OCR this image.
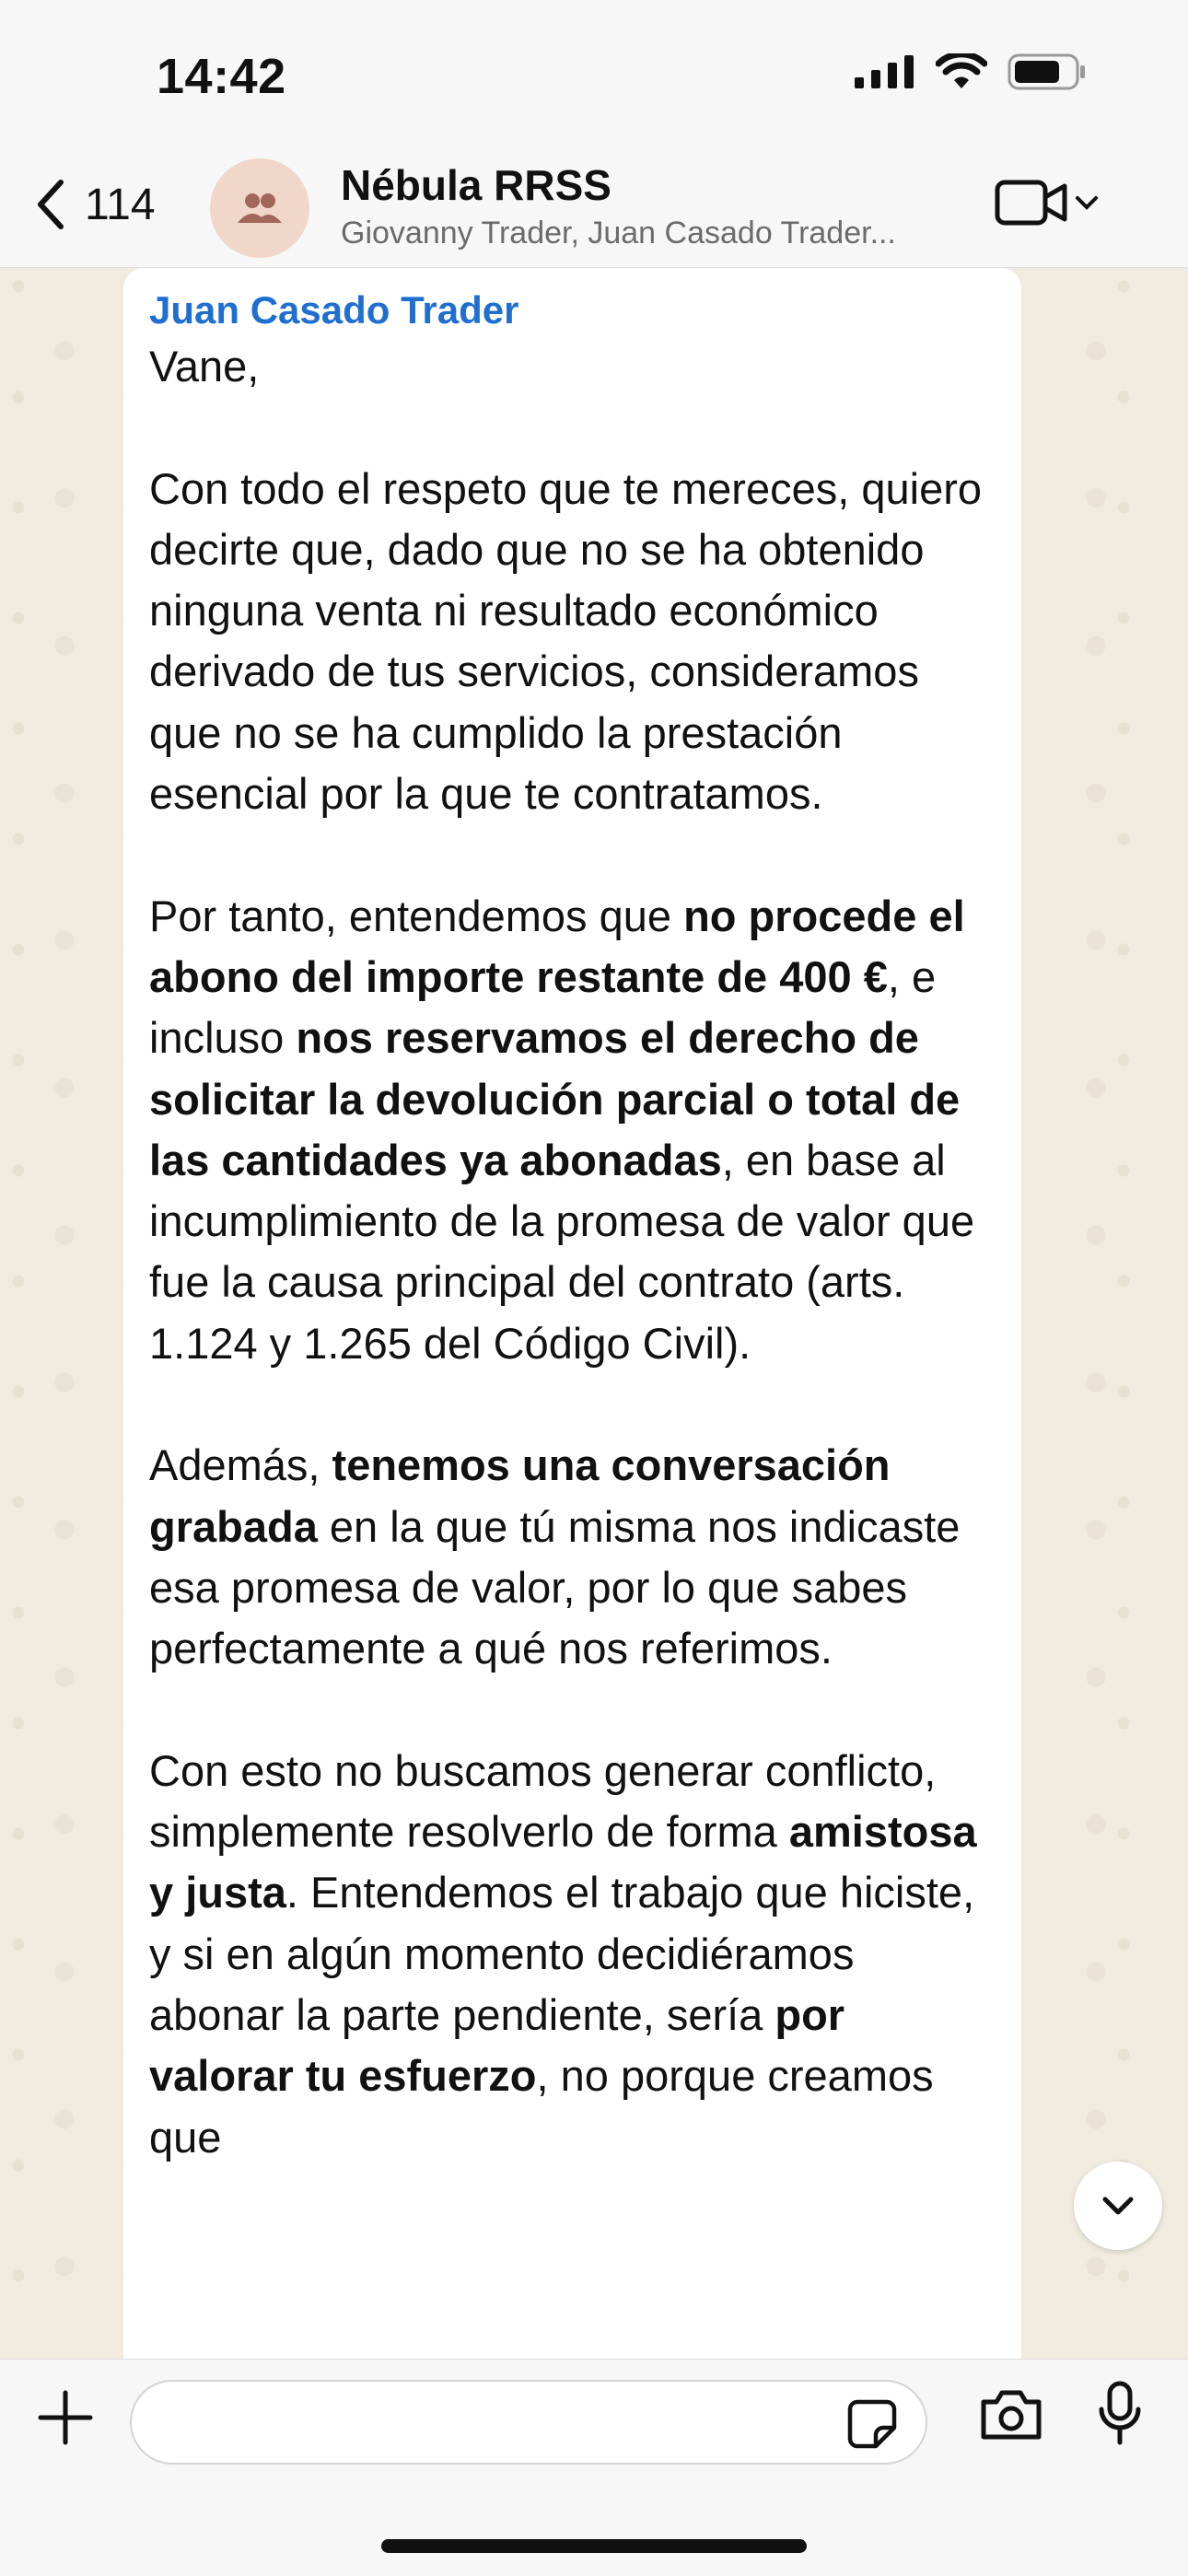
14:42
114	Nébula RRSS
Giovanny Trader, Juan Casado Trader...
Juan Casado Trader

Vane,

Con todo el respeto que te mereces, quiero decirte que, dado que no se ha obtenido ninguna venta ni resultado económico derivado de tus servicios, consideramos que no se ha cumplido la prestación esencial por la que te contratamos.

Por tanto, entendemos que no procede el abono del importe restante de 400 €, e incluso nos reservamos el derecho de solicitar la devolución parcial o total de las cantidades ya abonadas, en base al incumplimiento de la promesa de valor que fue la causa principal del contrato (arts. 1.124 y 1.265 del Código Civil).

Además, tenemos una conversación grabada en la que tú misma nos indicaste esa promesa de valor, por lo que sabes perfectamente a qué nos referimos.

Con esto no buscamos generar conflicto, simplemente resolverlo de forma amistosa y justa. Entendemos el trabajo que hiciste, y si en algún momento decidiéramos abonar la parte pendiente, sería por valorar tu esfuerzo, no porque creamos que
